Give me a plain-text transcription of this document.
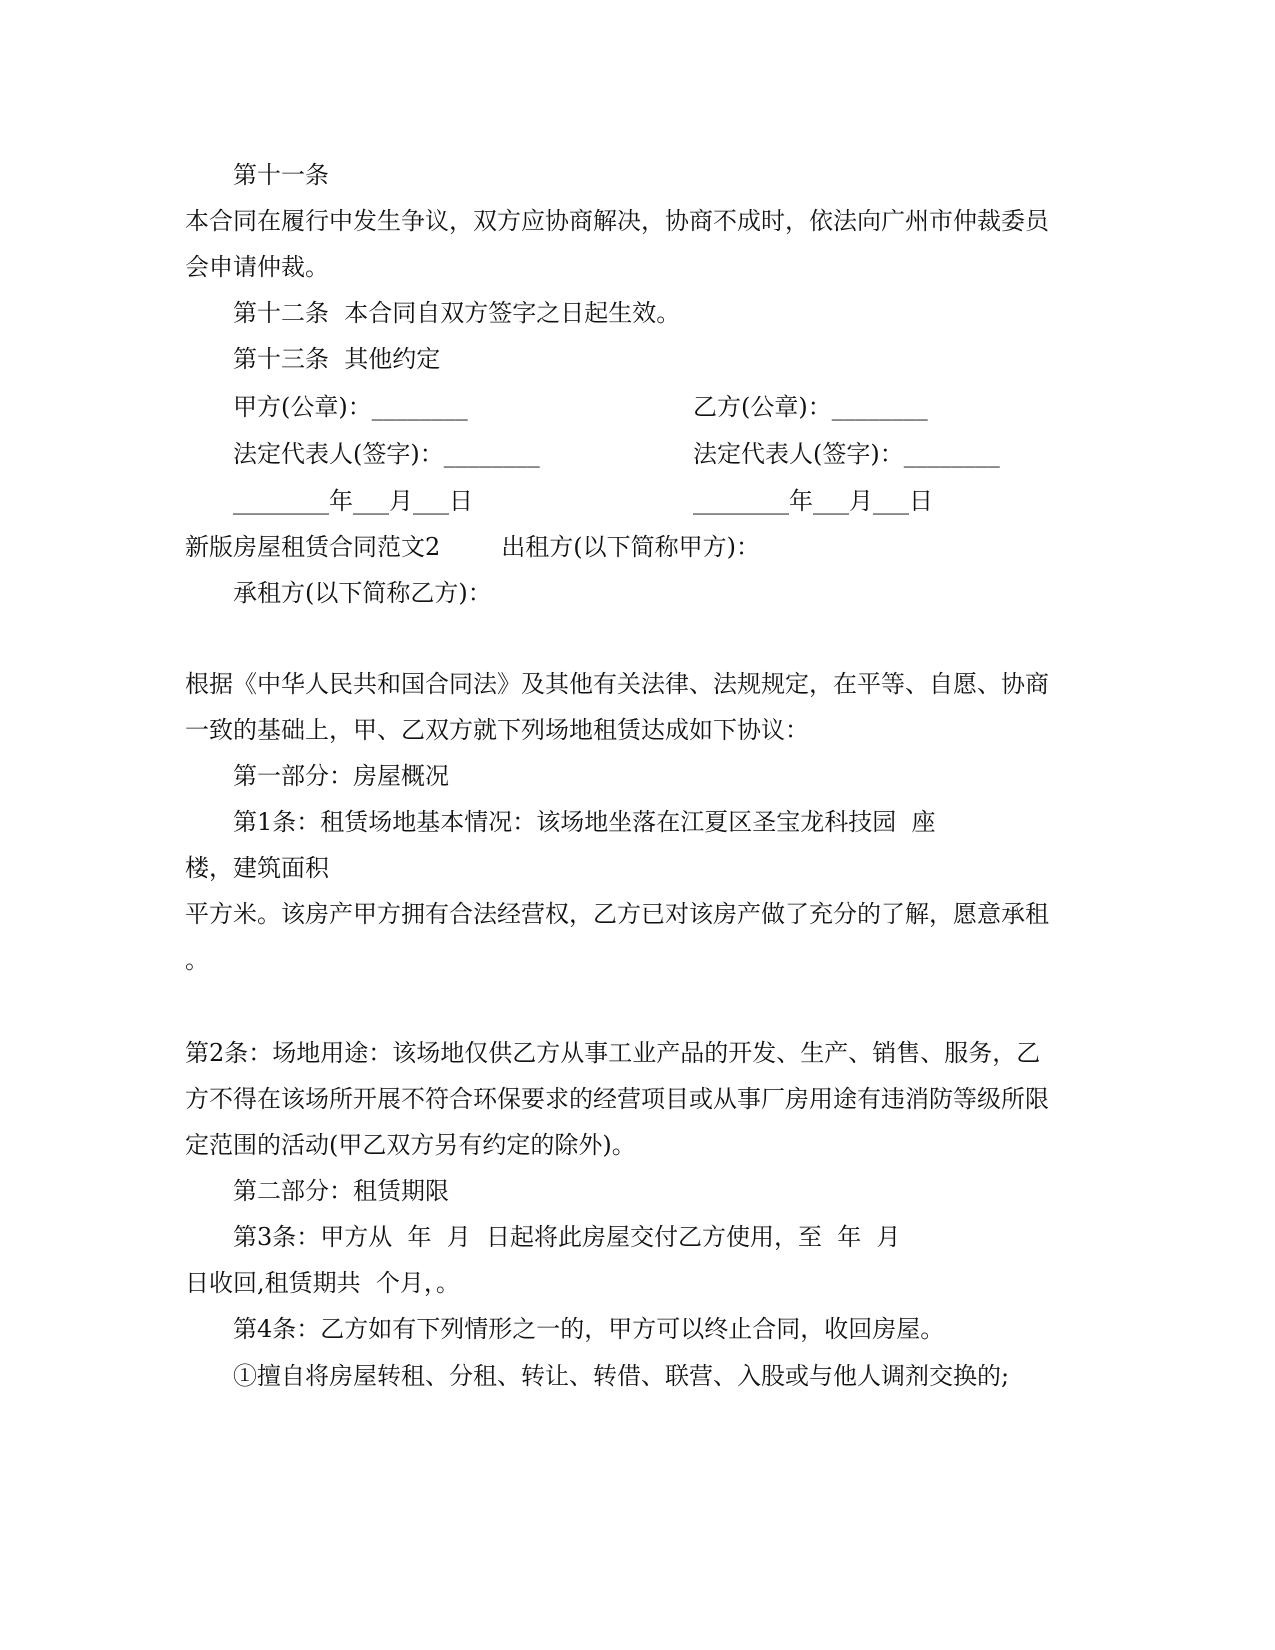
第十一条
本合同在履行中发生争议，双方应协商解决，协商不成时，依法向广州市仲裁委员
会申请仲裁。
第十二条  本合同自双方签字之日起生效。
第十三条  其他约定
甲方(公章)：________	乙方(公章)：________
法定代表人(签字)：________	法定代表人(签字)：________
________年___月___日	________年___月___日
新版房屋租赁合同范文2        出租方(以下简称甲方)：
承租方(以下简称乙方)：
根据《中华人民共和国合同法》及其他有关法律、法规规定，在平等、自愿、协商
一致的基础上，甲、乙双方就下列场地租赁达成如下协议：
第一部分：房屋概况
第1条：租赁场地基本情况：该场地坐落在江夏区圣宝龙科技园  座
楼，建筑面积
平方米。该房产甲方拥有合法经营权，乙方已对该房产做了充分的了解，愿意承租
。
第2条：场地用途：该场地仅供乙方从事工业产品的开发、生产、销售、服务，乙
方不得在该场所开展不符合环保要求的经营项目或从事厂房用途有违消防等级所限
定范围的活动(甲乙双方另有约定的除外)。
第二部分：租赁期限
第3条：甲方从  年  月  日起将此房屋交付乙方使用，至  年  月
日收回,租赁期共  个月，。
第4条：乙方如有下列情形之一的，甲方可以终止合同，收回房屋。
①擅自将房屋转租、分租、转让、转借、联营、入股或与他人调剂交换的;
